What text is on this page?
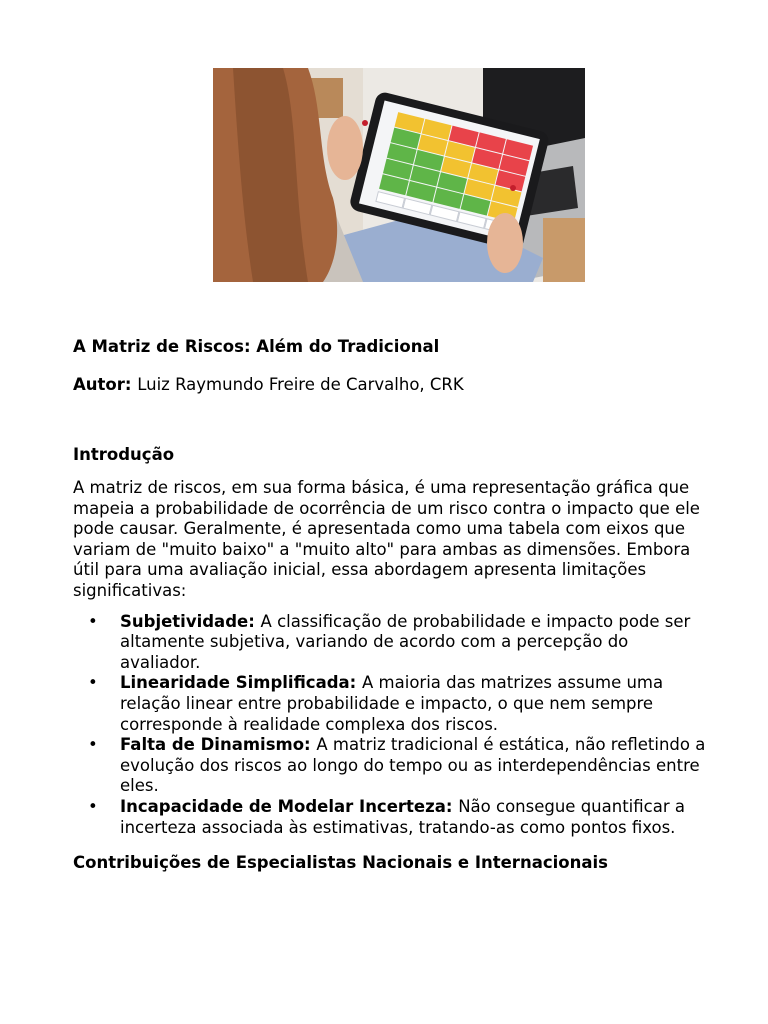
A Matriz de Riscos: Além do Tradicional

Autor: Luiz Raymundo Freire de Carvalho, CRK

Introdução

A matriz de riscos, em sua forma básica, é uma representação gráfica que mapeia a probabilidade de ocorrência de um risco contra o impacto que ele pode causar. Geralmente, é apresentada como uma tabela com eixos que variam de "muito baixo" a "muito alto" para ambas as dimensões. Embora útil para uma avaliação inicial, essa abordagem apresenta limitações significativas:

• Subjetividade: A classificação de probabilidade e impacto pode ser altamente subjetiva, variando de acordo com a percepção do avaliador.
• Linearidade Simplificada: A maioria das matrizes assume uma relação linear entre probabilidade e impacto, o que nem sempre corresponde à realidade complexa dos riscos.
• Falta de Dinamismo: A matriz tradicional é estática, não refletindo a evolução dos riscos ao longo do tempo ou as interdependências entre eles.
• Incapacidade de Modelar Incerteza: Não consegue quantificar a incerteza associada às estimativas, tratando-as como pontos fixos.

Contribuições de Especialistas Nacionais e Internacionais
